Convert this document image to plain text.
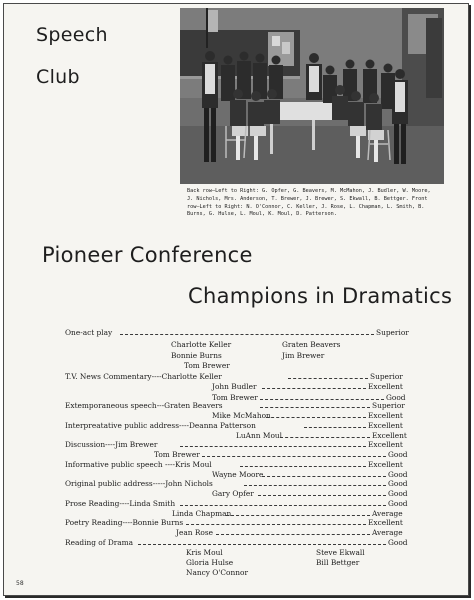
Speech
Club
Back row—Left to Right: G. Opfer, G. Beavers, M. McMahon, J. Budler, W. Moore, J. Nichols, Mrs. Anderson, T. Brewer, J. Brewer, S. Ekwall, B. Bettger. Front row—Left to Right: N. O'Connor, C. Keller, J. Rose, L. Chapman, L. Smith, B. Burns, G. Hulse, L. Moul, K. Moul, D. Patterson.
Pioneer Conference
Champions in Dramatics
One-act play	Superior
Charlotte Keller	Graten Beavers
Bonnie Burns	Jim Brewer
Tom Brewer
T.V. News Commentary----Charlotte Keller	Superior
John Budler	Excellent
Tom Brewer	Good
Extemporaneous speech---Graten Beavers	Superior
Mike McMahon	Excellent
Interpreatative public address----Deanna Patterson	Excellent
LuAnn Moul	Excellent
Discussion----Jim Brewer	Excellent
Tom Brewer	Good
Informative public speech ----Kris Moul	Excellent
Wayne Moore	Good
Original public address-----John Nichols	Good
Gary Opfer	Good
Prose Reading----Linda Smith	Good
Linda Chapman	Average
Poetry Reading----Bonnie Burns	Excellent
Jean Rose	Average
Reading of Drama	Good
Kris Moul	Steve Ekwall
Gloria Hulse	Bill Bettger
Nancy O'Connor
58
